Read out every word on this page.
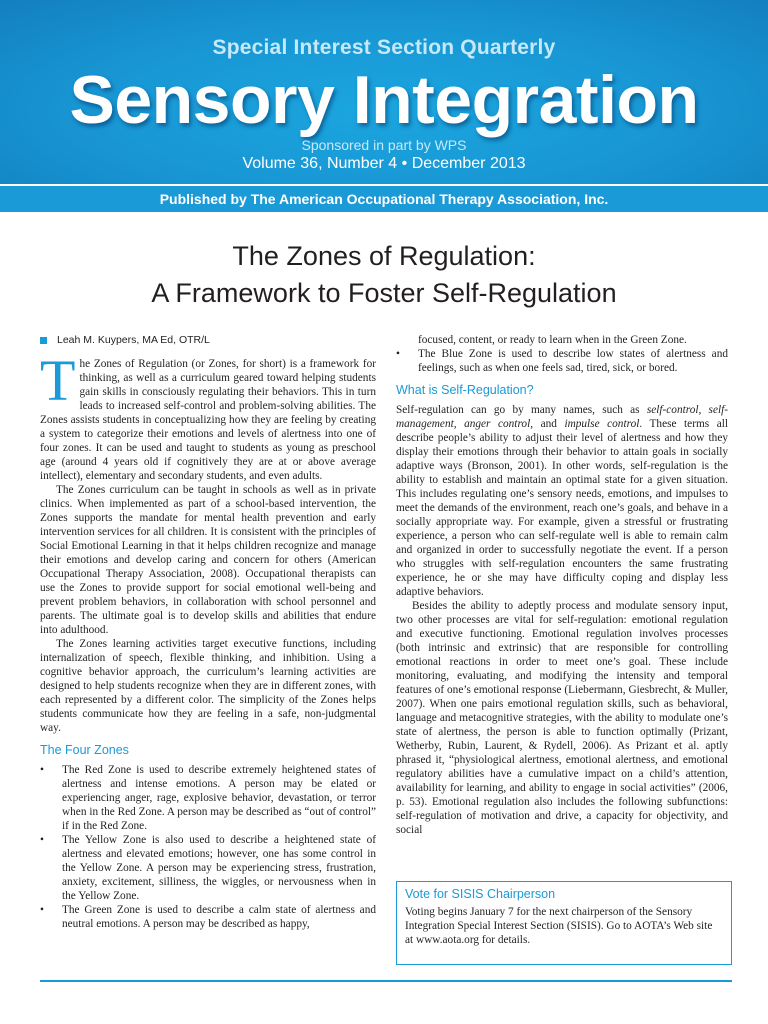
Special Interest Section Quarterly
Sensory Integration
Sponsored in part by WPS
Volume 36, Number 4 • December 2013
Published by The American Occupational Therapy Association, Inc.
The Zones of Regulation:
A Framework to Foster Self-Regulation
Leah M. Kuypers, MA Ed, OTR/L

The Zones of Regulation (or Zones, for short) is a framework for thinking, as well as a curriculum geared toward helping students gain skills in consciously regulating their behaviors. This in turn leads to increased self-control and problem-solving abilities. The Zones assists students in conceptualizing how they are feeling by creating a system to categorize their emotions and levels of alertness into one of four zones. It can be used and taught to students as young as preschool age (around 4 years old if cognitively they are at or above average intellect), elementary and secondary students, and even adults.

The Zones curriculum can be taught in schools as well as in private clinics. When implemented as part of a school-based intervention, the Zones supports the mandate for mental health prevention and early intervention services for all children. It is consistent with the principles of Social Emotional Learning in that it helps children recognize and manage their emotions and develop caring and concern for others (American Occupational Therapy Association, 2008). Occupational therapists can use the Zones to provide support for social emotional well-being and prevent problem behaviors, in collaboration with school personnel and parents. The ultimate goal is to develop skills and abilities that endure into adulthood.

The Zones learning activities target executive functions, including internalization of speech, flexible thinking, and inhibition. Using a cognitive behavior approach, the curriculum’s learning activities are designed to help students recognize when they are in different zones, with each represented by a different color. The simplicity of the Zones helps students communicate how they are feeling in a safe, non-judgmental way.

The Four Zones
• The Red Zone is used to describe extremely heightened states of alertness and intense emotions. A person may be elated or experiencing anger, rage, explosive behavior, devastation, or terror when in the Red Zone. A person may be described as “out of control” if in the Red Zone.
• The Yellow Zone is also used to describe a heightened state of alertness and elevated emotions; however, one has some control in the Yellow Zone. A person may be experiencing stress, frustration, anxiety, excitement, silliness, the wiggles, or nervousness when in the Yellow Zone.
• The Green Zone is used to describe a calm state of alertness and neutral emotions. A person may be described as happy,

focused, content, or ready to learn when in the Green Zone.

• The Blue Zone is used to describe low states of alertness and feelings, such as when one feels sad, tired, sick, or bored.
What is Self-Regulation?

Self-regulation can go by many names, such as self-control, self-management, anger control, and impulse control. These terms all describe people’s ability to adjust their level of alertness and how they display their emotions through their behavior to attain goals in socially adaptive ways (Bronson, 2001). In other words, self-regulation is the ability to establish and maintain an optimal state for a given situation. This includes regulating one’s sensory needs, emotions, and impulses to meet the demands of the environment, reach one’s goals, and behave in a socially appropriate way. For example, given a stressful or frustrating experience, a person who can self-regulate well is able to remain calm and organized in order to successfully negotiate the event. If a person who struggles with self-regulation encounters the same frustrating experience, he or she may have difficulty coping and display less adaptive behaviors.

Besides the ability to adeptly process and modulate sensory input, two other processes are vital for self-regulation: emotional regulation and executive functioning. Emotional regulation involves processes (both intrinsic and extrinsic) that are responsible for controlling emotional reactions in order to meet one’s goal. These include monitoring, evaluating, and modifying the intensity and temporal features of one’s emotional response (Liebermann, Giesbrecht, & Muller, 2007). When one pairs emotional regulation skills, such as behavioral, language and metacognitive strategies, with the ability to modulate one’s state of alertness, the person is able to function optimally (Prizant, Wetherby, Rubin, Laurent, & Rydell, 2006). As Prizant et al. aptly phrased it, “physiological alertness, emotional alertness, and emotional regulatory abilities have a cumulative impact on a child’s attention, availability for learning, and ability to engage in social activities” (2006, p. 53). Emotional regulation also includes the following subfunctions: self-regulation of motivation and drive, a capacity for objectivity, and social

Vote for SISIS Chairperson
Voting begins January 7 for the next chairperson of the Sensory Integration Special Interest Section (SISIS). Go to AOTA’s Web site at www.aota.org for details.
